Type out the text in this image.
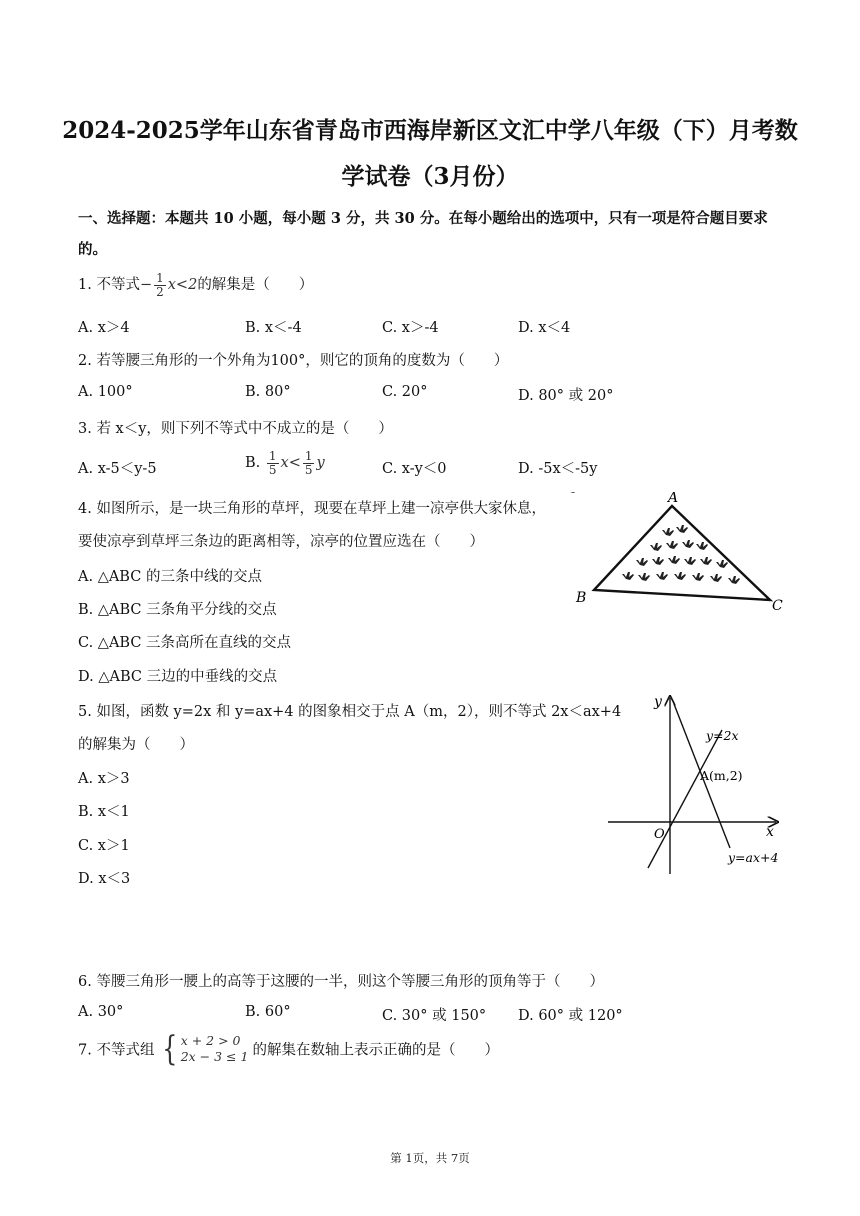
2024-2025学年山东省青岛市西海岸新区文汇中学八年级（下）月考数
学试卷（3月份）
一、选择题：本题共 10 小题，每小题 3 分，共 30 分。在每小题给出的选项中，只有一项是符合题目要求
的。
1. 不等式− $\frac{1}{2} x<2$的解集是（　　）
A. x＞4	B. x＜-4	C. x＞-4	D. x＜4
2. 若等腰三角形的一个外角为100°，则它的顶角的度数为（　　）
A. 100°	B. 80°	C. 20°	D. 80° 或 20°
3. 若 x＜y，则下列不等式中不成立的是（　　）
A. x-5＜y-5	B. $\frac{1}{5} x< \frac{1}{5}$ y	C. x-y＜0	D. -5x＜-5y
4. 如图所示，是一块三角形的草坪，现要在草坪上建一凉亭供大家休息，
要使凉亭到草坪三条边的距离相等，凉亭的位置应选在（　　）
A. △ABC 的三条中线的交点
B. △ABC 三条角平分线的交点
C. △ABC 三条高所在直线的交点
D. △ABC 三边的中垂线的交点
A
B	C
5. 如图，函数 y=2x 和 y=ax+4 的图象相交于点 A（m，2），则不等式 2x＜ax+4
的解集为（　　）
A. x＞3
B. x＜1
C. x＞1
D. x＜3
y
x
O
y=2x
A(m,2)
y=ax+4
6. 等腰三角形一腰上的高等于这腰的一半，则这个等腰三角形的顶角等于（　　）
A. 30°	B. 60°	C. 30° 或 150° D. 60° 或 120°
7. 不等式组 { x + 2 > 0
2x − 3 ≤ 1 的解集在数轴上表示正确的是（　　）
第 1页，共 7页
